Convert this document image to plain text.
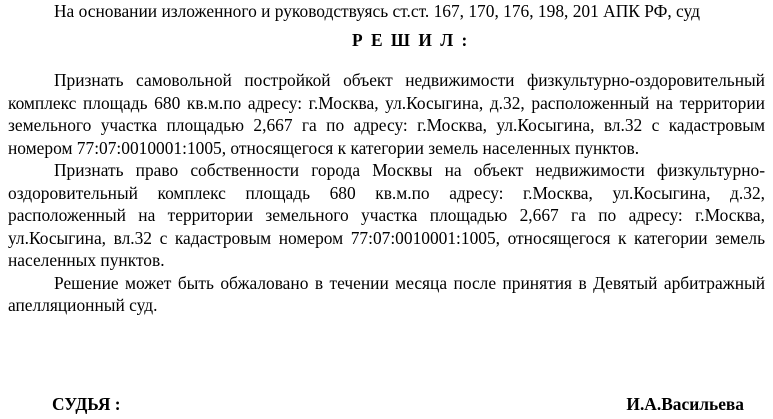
На основании изложенного и руководствуясь ст.ст. 167, 170, 176, 198, 201 АПК РФ, суд

Р Е Ш И Л :

Признать самовольной постройкой объект недвижимости физкультурно-оздоровительный комплекс площадь 680 кв.м.по адресу: г.Москва, ул.Косыгина, д.32, расположенный на территории земельного участка площадью 2,667 га по адресу: г.Москва, ул.Косыгина, вл.32 с кадастровым номером 77:07:0010001:1005, относящегося к категории земель населенных пунктов.

Признать право собственности города Москвы на объект недвижимости физкультурно-оздоровительный комплекс площадь 680 кв.м.по адресу: г.Москва, ул.Косыгина, д.32, расположенный на территории земельного участка площадью 2,667 га по адресу: г.Москва, ул.Косыгина, вл.32 с кадастровым номером 77:07:0010001:1005, относящегося к категории земель населенных пунктов.

Решение может быть обжаловано в течении месяца после принятия в Девятый арбитражный апелляционный суд.

СУДЬЯ :	И.А.Васильева
